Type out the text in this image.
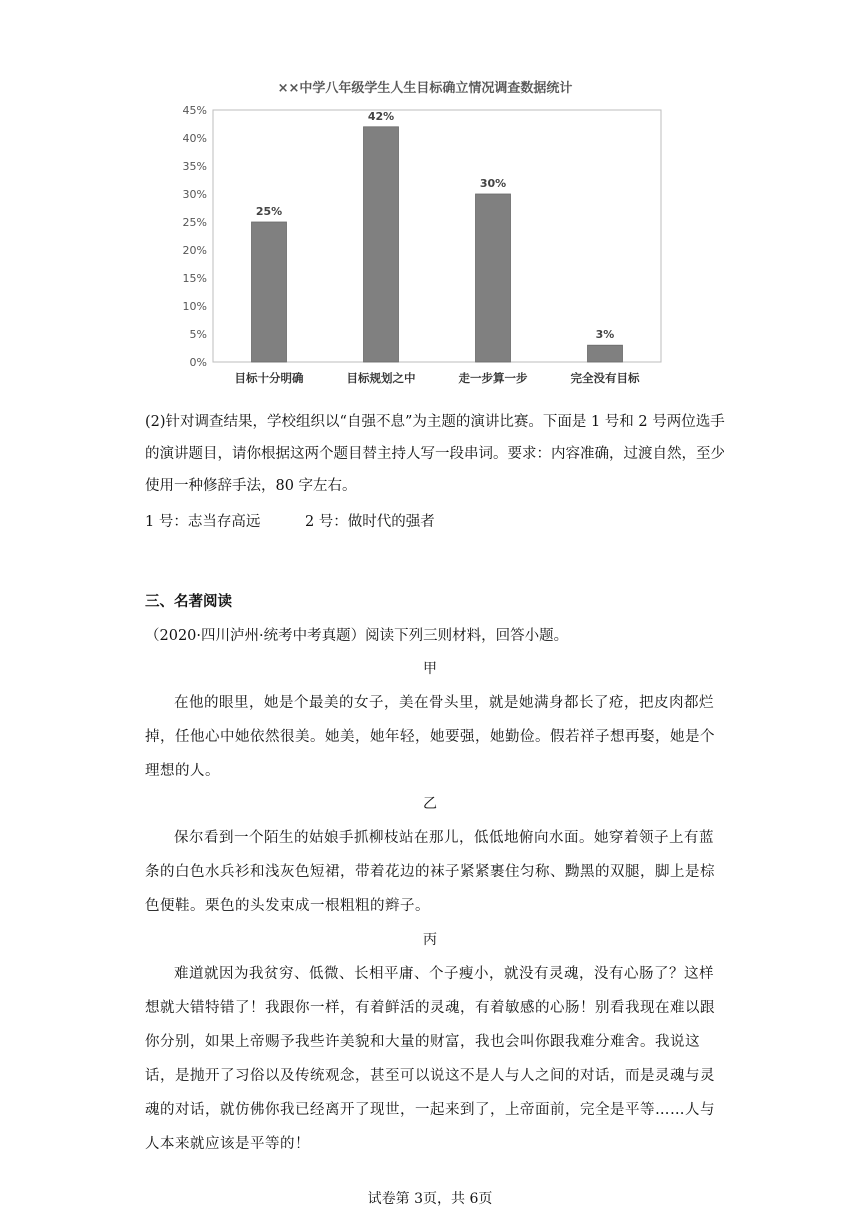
××中学八年级学生人生目标确立情况调查数据统计
0%
5%
10%
15%
20%
25%
30%
35%
40%
45%
25%
42%
30%
3%
目标十分明确	目标规划之中	走一步算一步	完全没有目标
(2)针对调查结果，学校组织以“自强不息”为主题的演讲比赛。下面是 1 号和 2 号两位选手的演讲题目，请你根据这两个题目替主持人写一段串词。要求：内容准确，过渡自然，至少使用一种修辞手法，80 字左右。
1 号：志当存高远	2 号：做时代的强者
三、名著阅读
（2020·四川泸州·统考中考真题）阅读下列三则材料，回答小题。
甲
在他的眼里，她是个最美的女子，美在骨头里，就是她满身都长了疮，把皮肉都烂掉，任他心中她依然很美。她美，她年轻，她要强，她勤俭。假若祥子想再娶，她是个理想的人。
乙
保尔看到一个陌生的姑娘手抓柳枝站在那儿，低低地俯向水面。她穿着领子上有蓝条的白色水兵衫和浅灰色短裙，带着花边的袜子紧紧裹住匀称、黝黑的双腿，脚上是棕色便鞋。栗色的头发束成一根粗粗的辫子。
丙
难道就因为我贫穷、低微、长相平庸、个子瘦小，就没有灵魂，没有心肠了？这样想就大错特错了！我跟你一样，有着鲜活的灵魂，有着敏感的心肠！别看我现在难以跟你分别，如果上帝赐予我些许美貌和大量的财富，我也会叫你跟我难分难舍。我说这话，是抛开了习俗以及传统观念，甚至可以说这不是人与人之间的对话，而是灵魂与灵魂的对话，就仿佛你我已经离开了现世，一起来到了，上帝面前，完全是平等……人与人本来就应该是平等的！
试卷第 3页，共 6页
